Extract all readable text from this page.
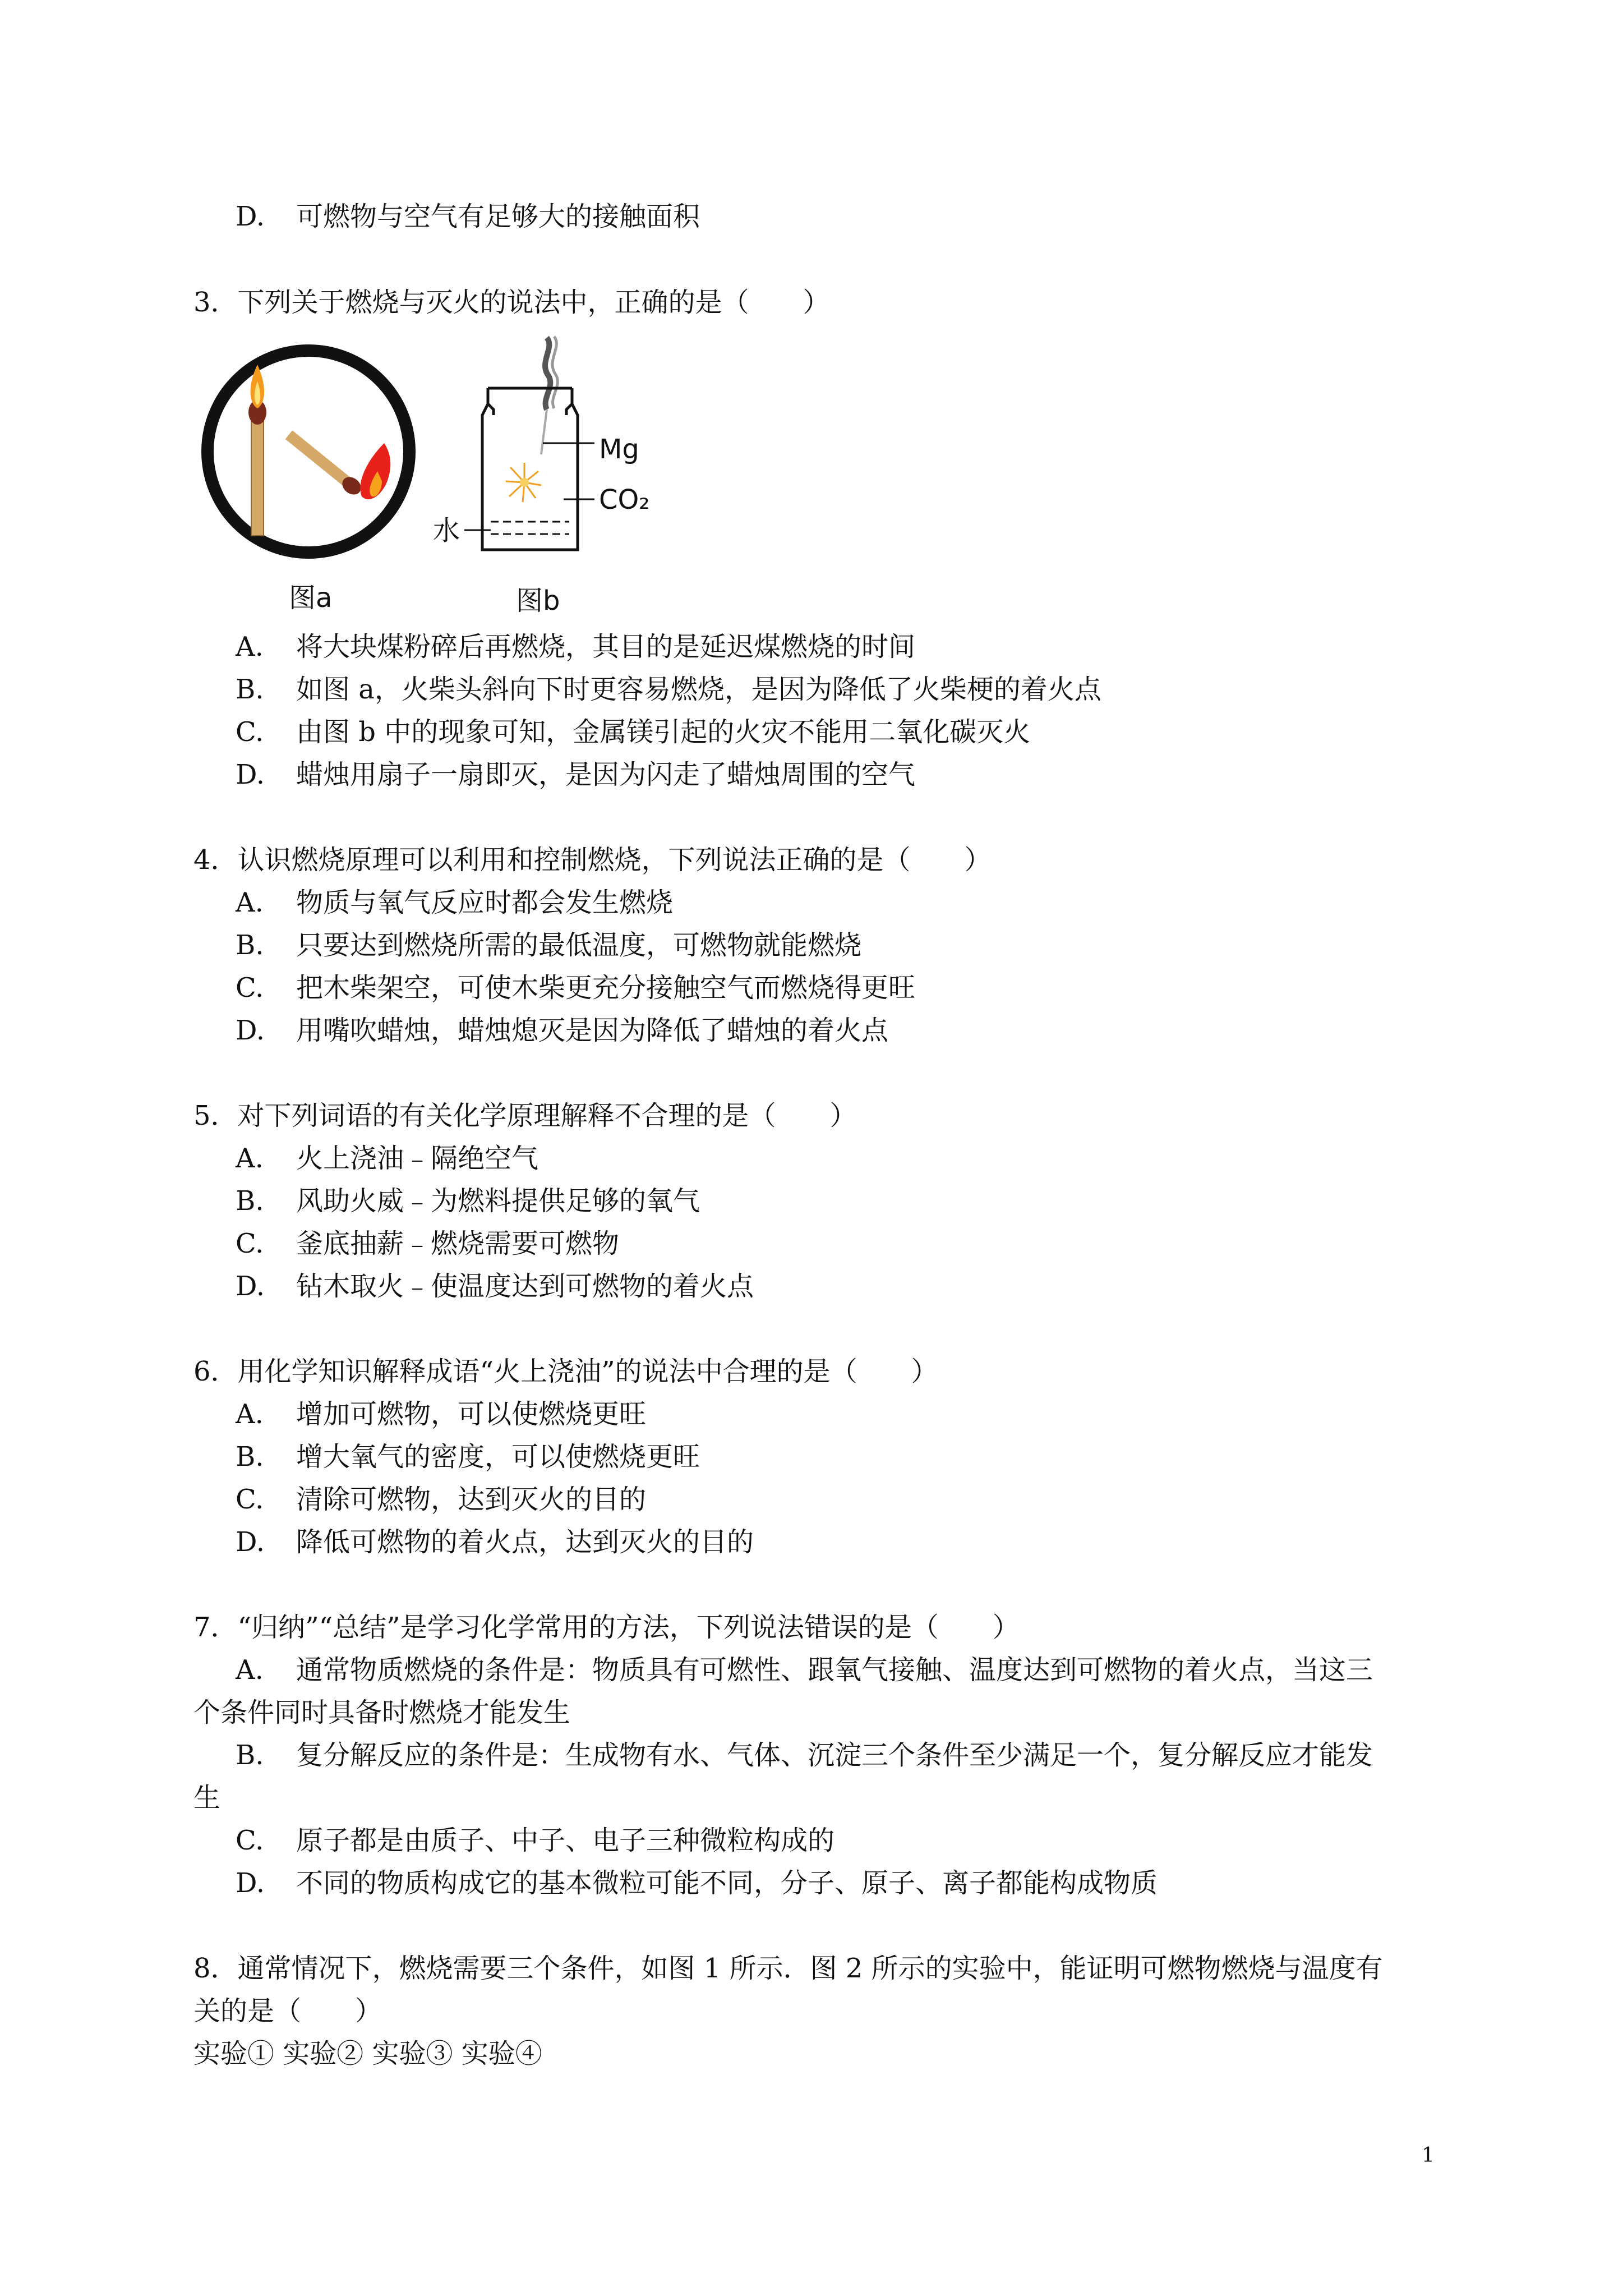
D. 可燃物与空气有足够大的接触面积
3．下列关于燃烧与灭火的说法中，正确的是（　　）
Mg
CO₂
水
图a	图b
A. 将大块煤粉碎后再燃烧，其目的是延迟煤燃烧的时间
B. 如图 a，火柴头斜向下时更容易燃烧，是因为降低了火柴梗的着火点
C. 由图 b 中的现象可知，金属镁引起的火灾不能用二氧化碳灭火
D. 蜡烛用扇子一扇即灭，是因为闪走了蜡烛周围的空气
4．认识燃烧原理可以利用和控制燃烧，下列说法正确的是（　　）
A. 物质与氧气反应时都会发生燃烧
B. 只要达到燃烧所需的最低温度，可燃物就能燃烧
C. 把木柴架空，可使木柴更充分接触空气而燃烧得更旺
D. 用嘴吹蜡烛，蜡烛熄灭是因为降低了蜡烛的着火点
5．对下列词语的有关化学原理解释不合理的是（　　）
A. 火上浇油﹣隔绝空气
B. 风助火威﹣为燃料提供足够的氧气
C. 釜底抽薪﹣燃烧需要可燃物
D. 钻木取火﹣使温度达到可燃物的着火点
6．用化学知识解释成语“火上浇油”的说法中合理的是（　　）
A. 增加可燃物，可以使燃烧更旺
B. 增大氧气的密度，可以使燃烧更旺
C. 清除可燃物，达到灭火的目的
D. 降低可燃物的着火点，达到灭火的目的
7．“归纳”“总结”是学习化学常用的方法，下列说法错误的是（　　）
A. 通常物质燃烧的条件是：物质具有可燃性、跟氧气接触、温度达到可燃物的着火点，当这三
个条件同时具备时燃烧才能发生
B. 复分解反应的条件是：生成物有水、气体、沉淀三个条件至少满足一个，复分解反应才能发
生
C. 原子都是由质子、中子、电子三种微粒构成的
D. 不同的物质构成它的基本微粒可能不同，分子、原子、离子都能构成物质
8．通常情况下，燃烧需要三个条件，如图 1 所示．图 2 所示的实验中，能证明可燃物燃烧与温度有
关的是（　　）
实验① 实验② 实验③ 实验④
1
